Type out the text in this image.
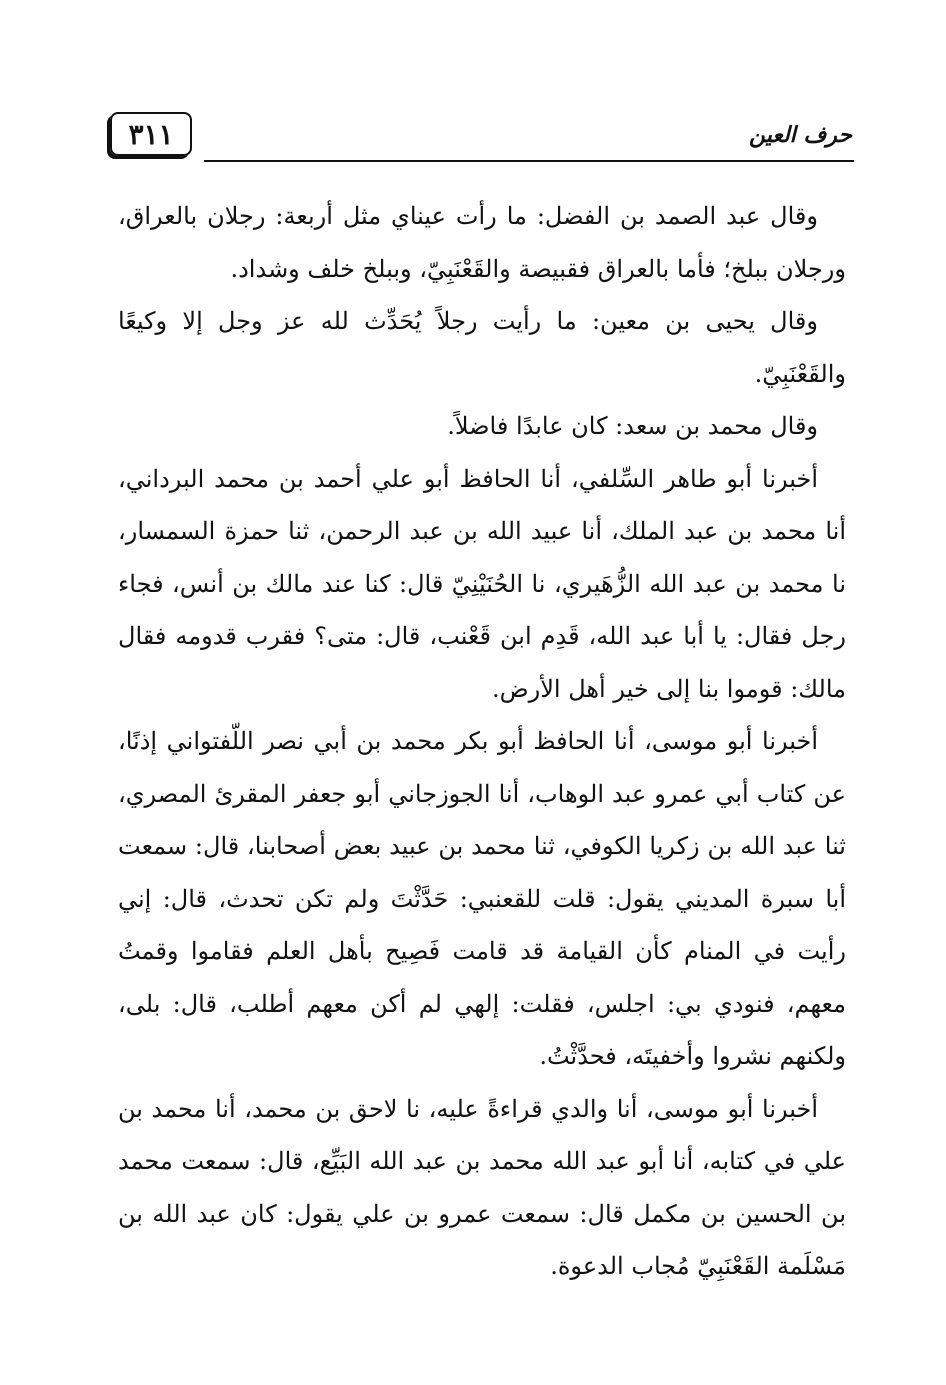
٣١١	حرف العين

وقال عبد الصمد بن الفضل: ما رأت عيناي مثل أربعة: رجلان بالعراق، ورجلان ببلخ؛ فأما بالعراق فقبيصة والقَعْنَبِيّ، وببلخ خلف وشداد.

وقال يحيى بن معين: ما رأيت رجلاً يُحَدِّث لله عز وجل إلا وكيعًا والقَعْنَبِيّ.

وقال محمد بن سعد: كان عابدًا فاضلاً.

أخبرنا أبو طاهر السِّلفي، أنا الحافظ أبو علي أحمد بن محمد البرداني، أنا محمد بن عبد الملك، أنا عبيد الله بن عبد الرحمن، ثنا حمزة السمسار، نا محمد بن عبد الله الزُّهَيري، نا الحُنَيْنِيّ قال: كنا عند مالك بن أنس، فجاء رجل فقال: يا أبا عبد الله، قَدِم ابن قَعْنب، قال: متى؟ فقرب قدومه فقال مالك: قوموا بنا إلى خير أهل الأرض.

أخبرنا أبو موسى، أنا الحافظ أبو بكر محمد بن أبي نصر اللّفتواني إذنًا، عن كتاب أبي عمرو عبد الوهاب، أنا الجوزجاني أبو جعفر المقرئ المصري، ثنا عبد الله بن زكريا الكوفي، ثنا محمد بن عبيد بعض أصحابنا، قال: سمعت أبا سبرة المديني يقول: قلت للقعنبي: حَدَّثْتَ ولم تكن تحدث، قال: إني رأيت في المنام كأن القيامة قد قامت فَصِيح بأهل العلم فقاموا وقمتُ معهم، فنودي بي: اجلس، فقلت: إلهي لم أكن معهم أطلب، قال: بلى، ولكنهم نشروا وأخفيتَه، فحدَّثْتُ.

أخبرنا أبو موسى، أنا والدي قراءةً عليه، نا لاحق بن محمد، أنا محمد بن علي في كتابه، أنا أبو عبد الله محمد بن عبد الله البَيِّع، قال: سمعت محمد بن الحسين بن مكمل قال: سمعت عمرو بن علي يقول: كان عبد الله بن مَسْلَمة القَعْنَبِيّ مُجاب الدعوة.
